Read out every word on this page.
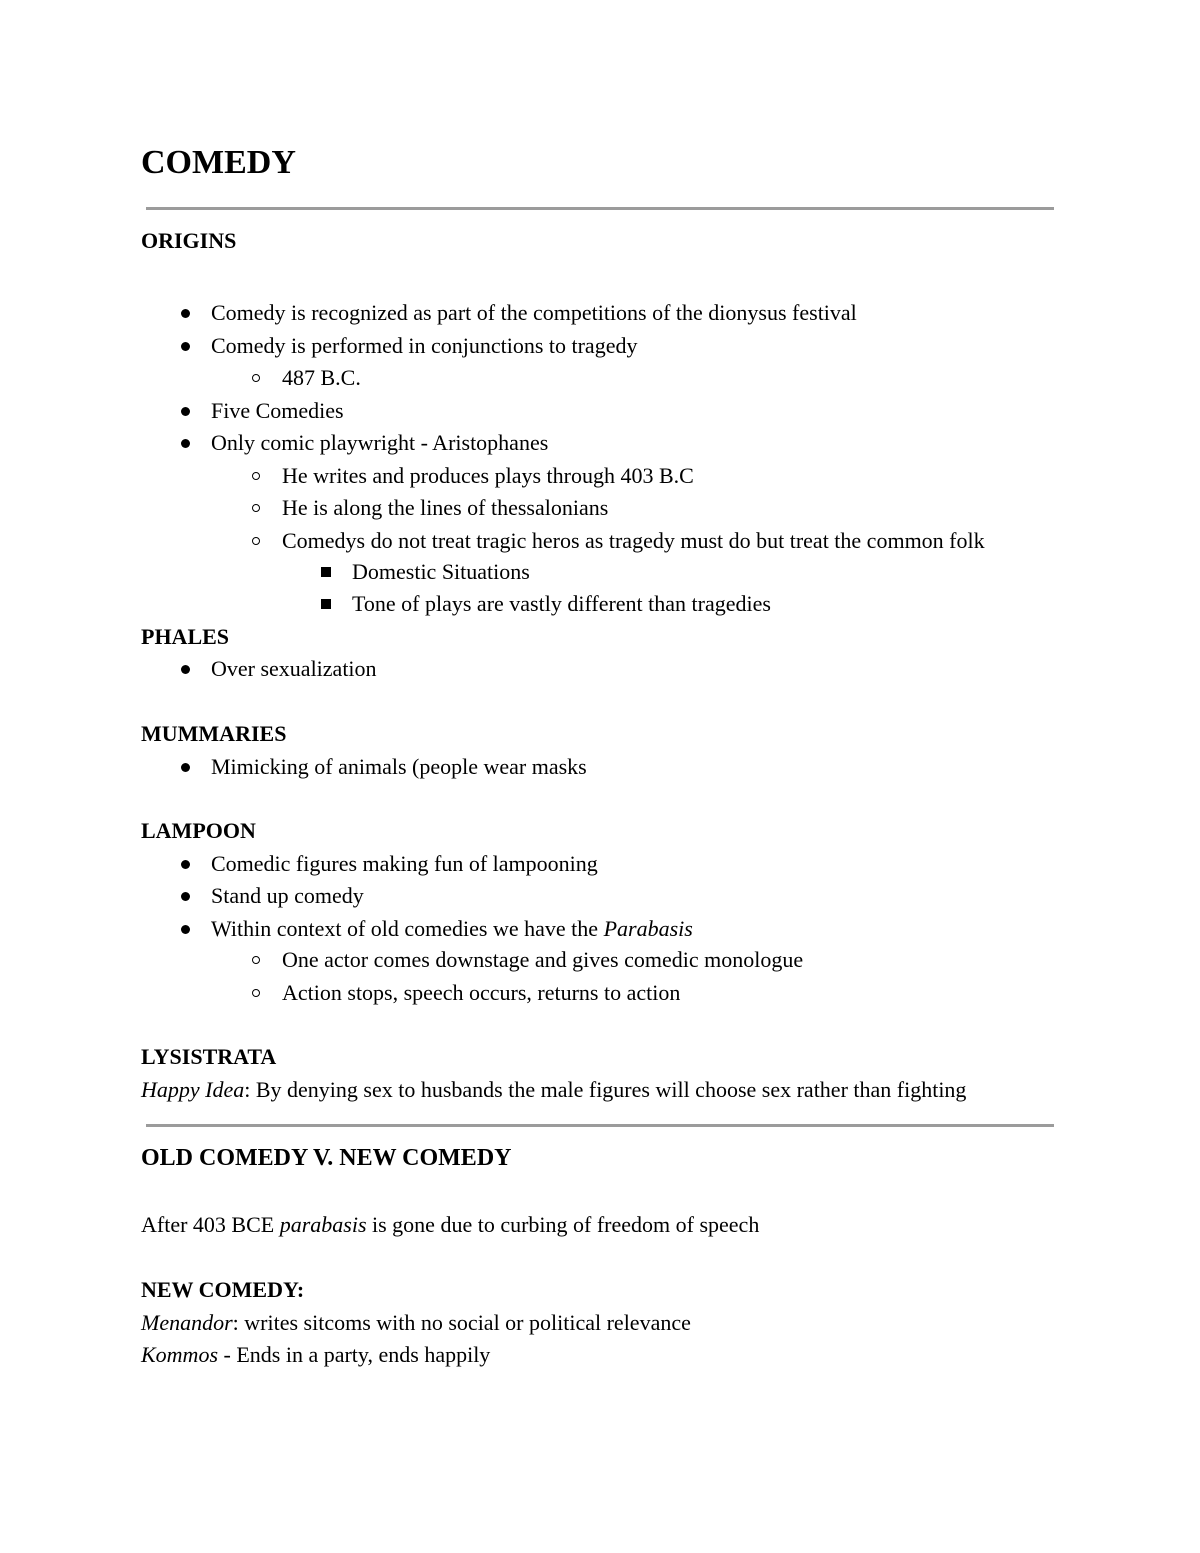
COMEDY
ORIGINS
Comedy is recognized as part of the competitions of the dionysus festival
Comedy is performed in conjunctions to tragedy
487 B.C.
Five Comedies
Only comic playwright - Aristophanes
He writes and produces plays through 403 B.C
He is along the lines of thessalonians
Comedys do not treat tragic heros as tragedy must do but treat the common folk
Domestic Situations
Tone of plays are vastly different than tragedies
PHALES
Over sexualization
MUMMARIES
Mimicking of animals (people wear masks
LAMPOON
Comedic figures making fun of lampooning
Stand up comedy
Within context of old comedies we have the Parabasis
One actor comes downstage and gives comedic monologue
Action stops, speech occurs, returns to action
LYSISTRATA
Happy Idea: By denying sex to husbands the male figures will choose sex rather than fighting
OLD COMEDY V. NEW COMEDY
After 403 BCE parabasis is gone due to curbing of freedom of speech
NEW COMEDY:
Menandor: writes sitcoms with no social or political relevance
Kommos - Ends in a party, ends happily
